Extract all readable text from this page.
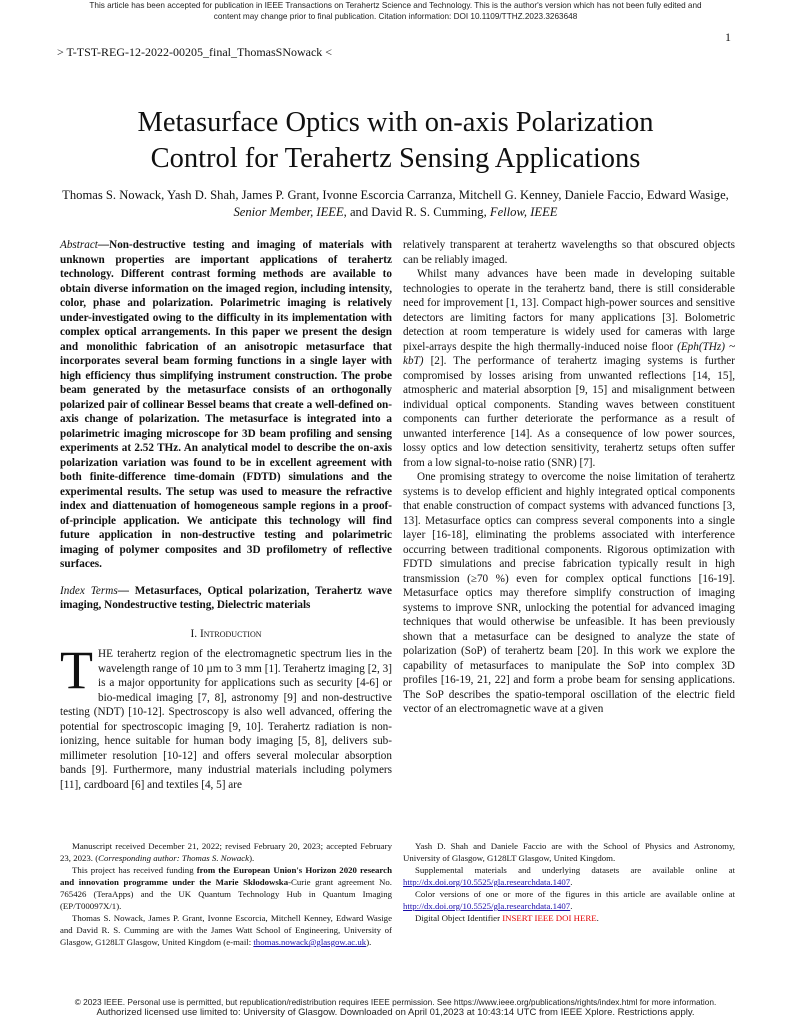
This article has been accepted for publication in IEEE Transactions on Terahertz Science and Technology. This is the author's version which has not been fully edited and
content may change prior to final publication. Citation information: DOI 10.1109/TTHZ.2023.3263648
1
> T-TST-REG-12-2022-00205_final_ThomasSNowack <
Metasurface Optics with on-axis Polarization
Control for Terahertz Sensing Applications
Thomas S. Nowack, Yash D. Shah, James P. Grant, Ivonne Escorcia Carranza, Mitchell G. Kenney, Daniele Faccio, Edward Wasige, Senior Member, IEEE, and David R. S. Cumming, Fellow, IEEE

Abstract—Non-destructive testing and imaging of materials with unknown properties are important applications of terahertz technology. Different contrast forming methods are available to obtain diverse information on the imaged region, including intensity, color, phase and polarization. Polarimetric imaging is relatively under-investigated owing to the difficulty in its implementation with complex optical arrangements. In this paper we present the design and monolithic fabrication of an anisotropic metasurface that incorporates several beam forming functions in a single layer with high efficiency thus simplifying instrument construction. The probe beam generated by the metasurface consists of an orthogonally polarized pair of collinear Bessel beams that create a well-defined on-axis change of polarization. The metasurface is integrated into a polarimetric imaging microscope for 3D beam profiling and sensing experiments at 2.52 THz. An analytical model to describe the on-axis polarization variation was found to be in excellent agreement with both finite-difference time-domain (FDTD) simulations and the experimental results. The setup was used to measure the refractive index and diattenuation of homogeneous sample regions in a proof-of-principle application. We anticipate this technology will find future application in non-destructive testing and polarimetric imaging of polymer composites and 3D profilometry of reflective surfaces.

Index Terms— Metasurfaces, Optical polarization, Terahertz wave imaging, Nondestructive testing, Dielectric materials

I. Introduction

THE terahertz region of the electromagnetic spectrum lies in the wavelength range of 10 µm to 3 mm [1]. Terahertz imaging [2, 3] is a major opportunity for applications such as security [4-6] or bio-medical imaging [7, 8], astronomy [9] and non-destructive testing (NDT) [10-12]. Spectroscopy is also well advanced, offering the potential for spectroscopic imaging [9, 10]. Terahertz radiation is non-ionizing, hence suitable for human body imaging [5, 8], delivers sub-millimeter resolution [10-12] and offers several molecular absorption bands [9]. Furthermore, many industrial materials including polymers [11], cardboard [6] and textiles [4, 5] are

relatively transparent at terahertz wavelengths so that obscured objects can be reliably imaged.

Whilst many advances have been made in developing suitable technologies to operate in the terahertz band, there is still considerable need for improvement [1, 13]. Compact high-power sources and sensitive detectors are limiting factors for many applications [3]. Bolometric detection at room temperature is widely used for cameras with large pixel-arrays despite the high thermally-induced noise floor (Eph(THz) ~ kbT) [2]. The performance of terahertz imaging systems is further compromised by losses arising from unwanted reflections [14, 15], atmospheric and material absorption [9, 15] and misalignment between individual optical components. Standing waves between constituent components can further deteriorate the performance as a result of unwanted interference [14]. As a consequence of low power sources, lossy optics and low detection sensitivity, terahertz setups often suffer from a low signal-to-noise ratio (SNR) [7].

One promising strategy to overcome the noise limitation of terahertz systems is to develop efficient and highly integrated optical components that enable construction of compact systems with advanced functions [3, 13]. Metasurface optics can compress several components into a single layer [16-18], eliminating the problems associated with interference occurring between traditional components. Rigorous optimization with FDTD simulations and precise fabrication typically result in high transmission (≥70 %) even for complex optical functions [16-19]. Metasurface optics may therefore simplify construction of imaging systems to improve SNR, unlocking the potential for advanced imaging techniques that would otherwise be unfeasible. It has been previously shown that a metasurface can be designed to analyze the state of polarization (SoP) of terahertz beam [20]. In this work we explore the capability of metasurfaces to manipulate the SoP into complex 3D profiles [16-19, 21, 22] and form a probe beam for sensing applications. The SoP describes the spatio-temporal oscillation of the electric field vector of an electromagnetic wave at a given

Manuscript received December 21, 2022; revised February 20, 2023; accepted February 23, 2023. (Corresponding author: Thomas S. Nowack).

This project has received funding from the European Union's Horizon 2020 research and innovation programme under the Marie Skłodowska-Curie grant agreement No. 765426 (TeraApps) and the UK Quantum Technology Hub in Quantum Imaging (EP/T00097X/1).

Thomas S. Nowack, James P. Grant, Ivonne Escorcia, Mitchell Kenney, Edward Wasige and David R. S. Cumming are with the James Watt School of Engineering, University of Glasgow, G128LT Glasgow, United Kingdom (e-mail: thomas.nowack@glasgow.ac.uk).

Yash D. Shah and Daniele Faccio are with the School of Physics and Astronomy, University of Glasgow, G128LT Glasgow, United Kingdom.

Supplemental materials and underlying datasets are available online at http://dx.doi.org/10.5525/gla.researchdata.1407.

Color versions of one or more of the figures in this article are available online at http://dx.doi.org/10.5525/gla.researchdata.1407.

Digital Object Identifier INSERT IEEE DOI HERE.

© 2023 IEEE. Personal use is permitted, but republication/redistribution requires IEEE permission. See https://www.ieee.org/publications/rights/index.html for more information.
Authorized licensed use limited to: University of Glasgow. Downloaded on April 01,2023 at 10:43:14 UTC from IEEE Xplore. Restrictions apply.
